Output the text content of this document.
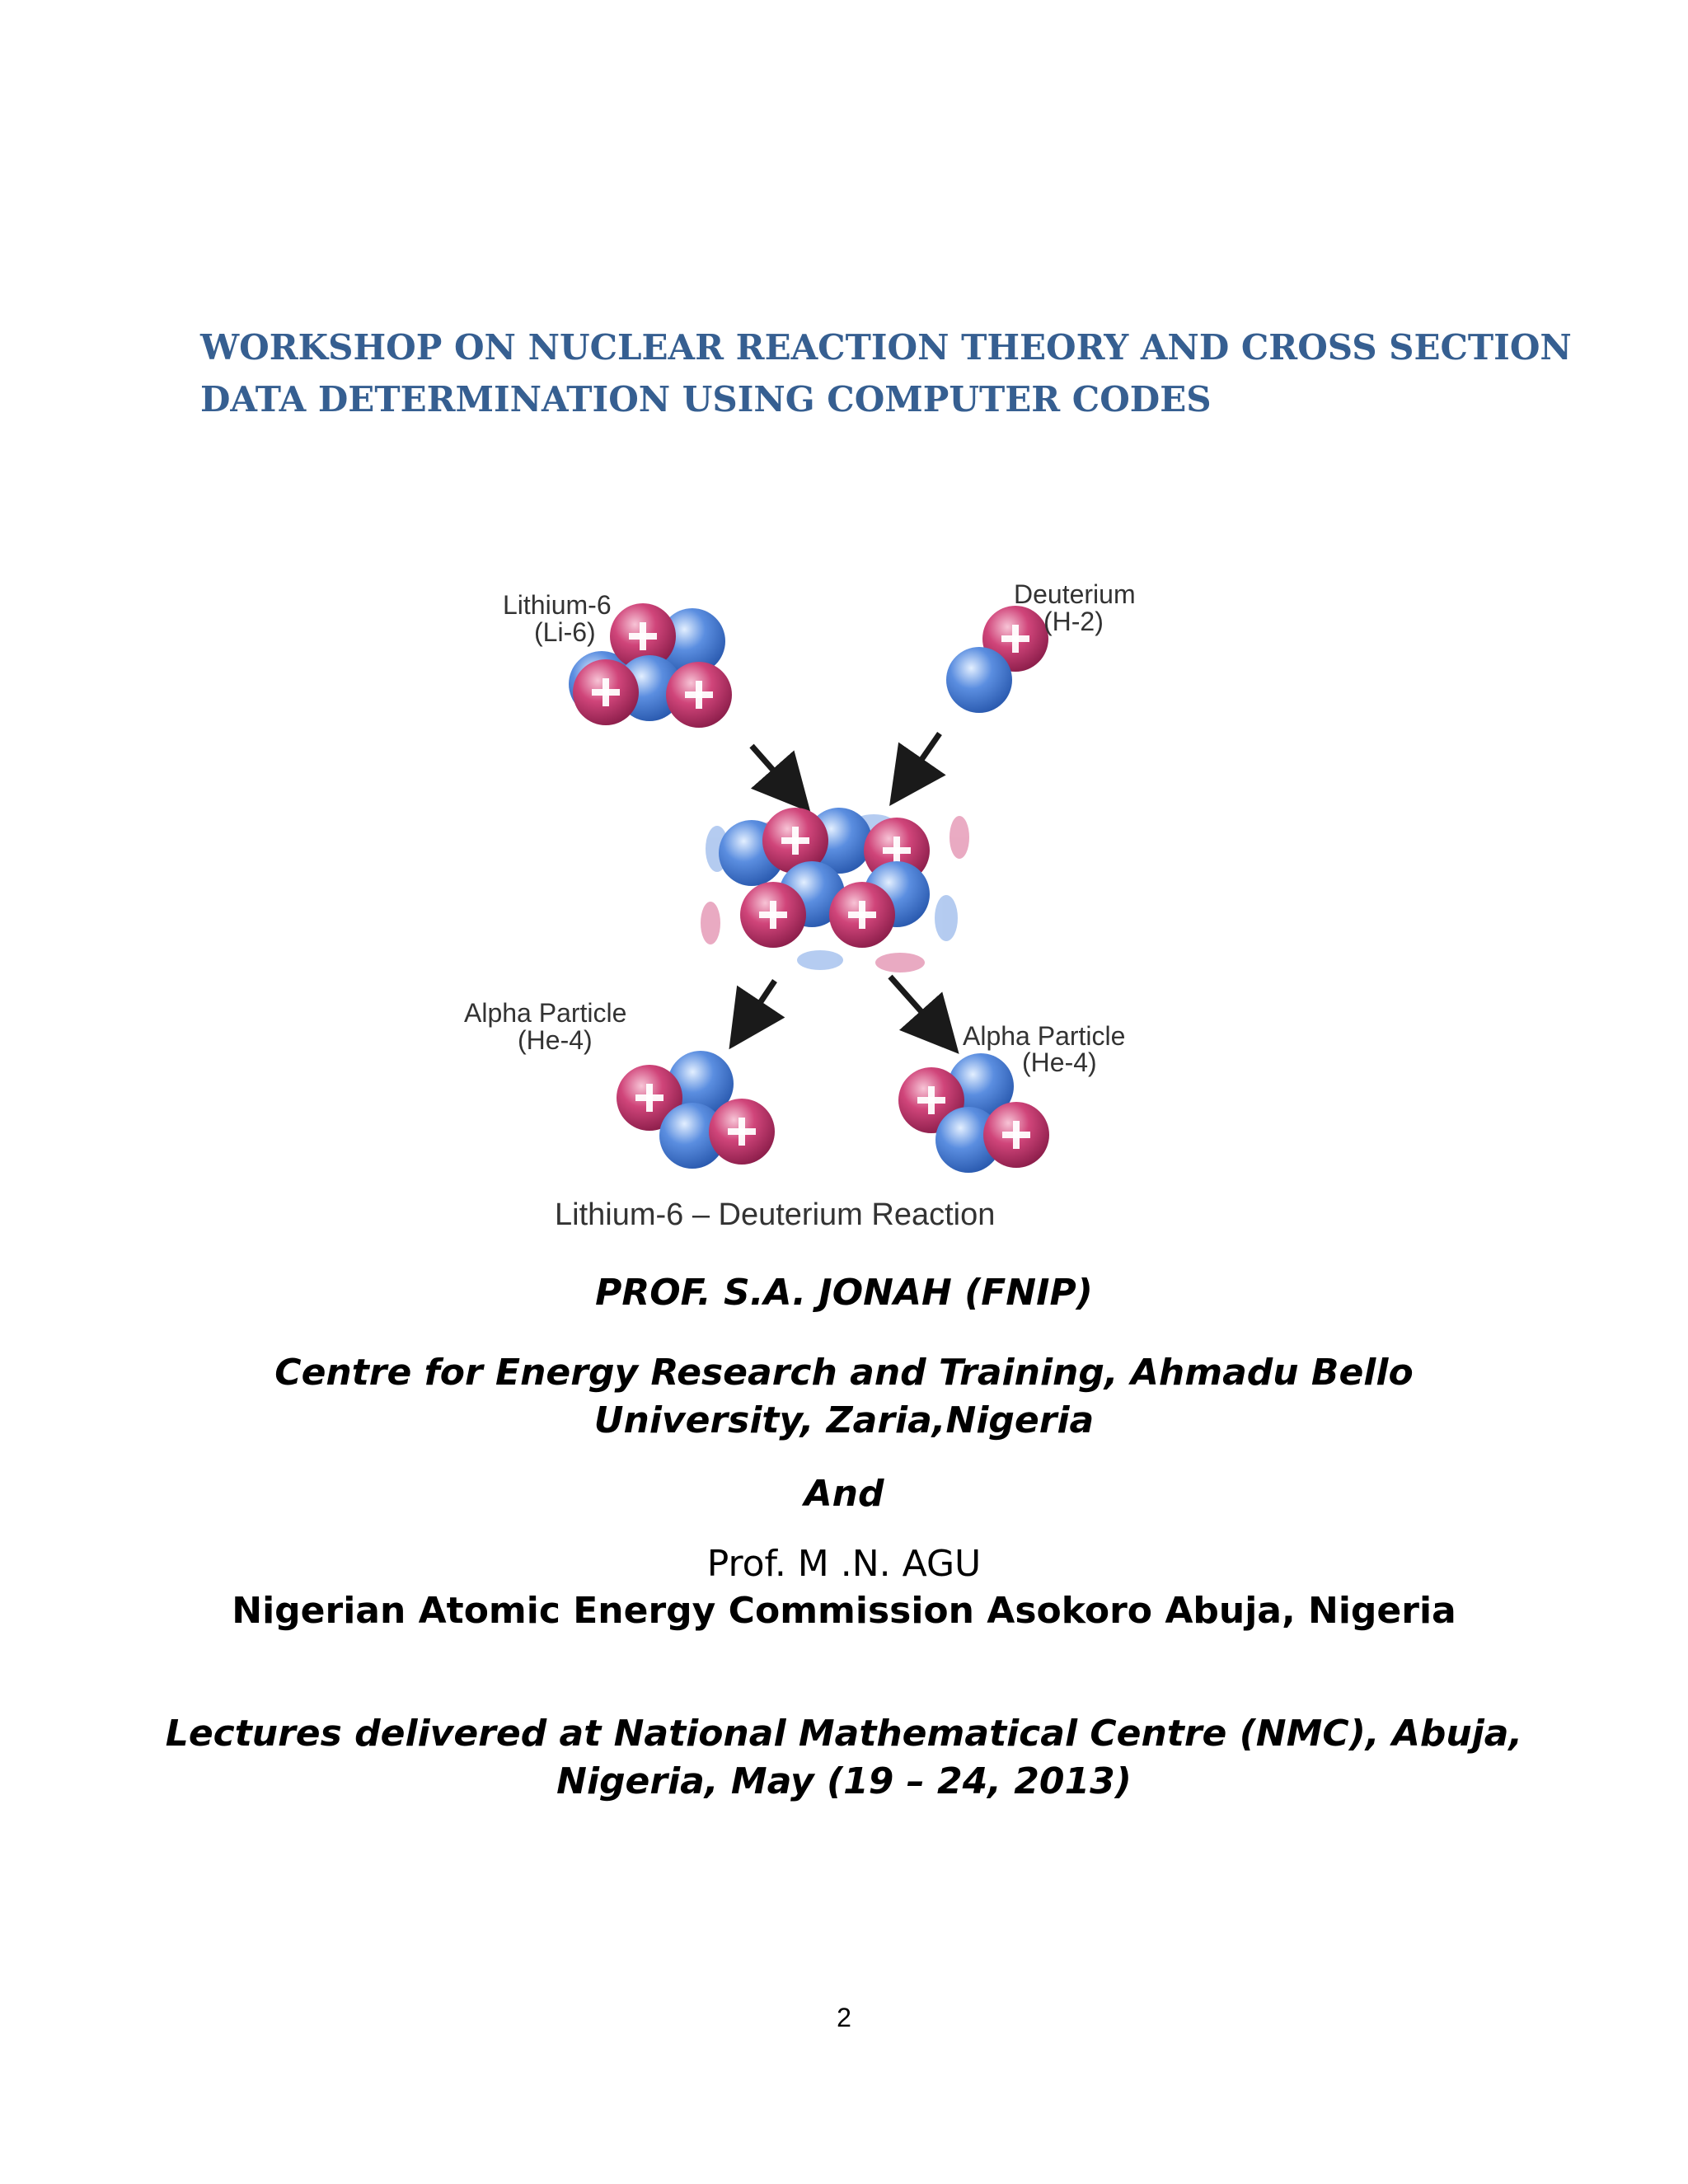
WORKSHOP ON NUCLEAR REACTION THEORY AND CROSS SECTION
DATA DETERMINATION USING COMPUTER CODES
Lithium-6
(Li-6)
Deuterium
(H-2)
Alpha Particle
(He-4)	Alpha Particle
(He-4)
Lithium-6 – Deuterium Reaction
PROF. S.A. JONAH (FNIP)
Centre for Energy Research and Training, Ahmadu Bello
University, Zaria,Nigeria
And
Prof. M .N. AGU
Nigerian Atomic Energy Commission Asokoro Abuja, Nigeria
Lectures delivered at National Mathematical Centre (NMC), Abuja,
Nigeria, May (19 – 24, 2013)
2
